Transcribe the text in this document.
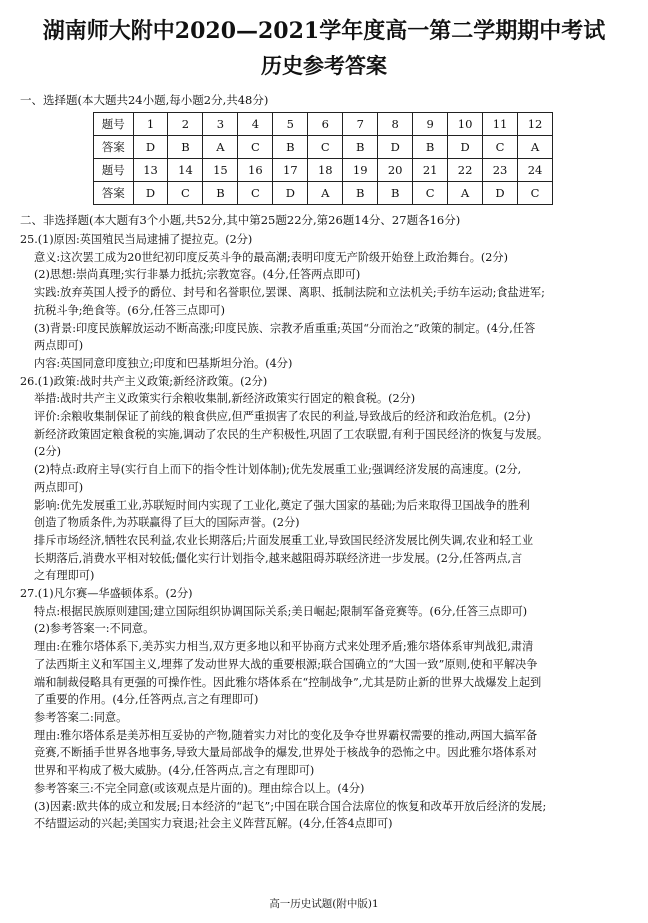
湖南师大附中2020—2021学年度高一第二学期期中考试
历史参考答案
一、选择题(本大题共24小题,每小题2分,共48分)
题号	1	2	3	4	5	6	7	8	9	10	11	12
答案	D	B	A	C	B	C	B	D	B	D	C	A
题号	13	14	15	16	17	18	19	20	21	22	23	24
答案	D	C	B	C	D	A	B	B	C	A	D	C
二、非选择题(本大题有3个小题,共52分,其中第25题22分,第26题14分、27题各16分)
25.(1)原因:英国殖民当局逮捕了提拉克。(2分)
意义:这次罢工成为20世纪初印度反英斗争的最高潮;表明印度无产阶级开始登上政治舞台。(2分)
(2)思想:崇尚真理;实行非暴力抵抗;宗教宽容。(4分,任答两点即可)
实践:放弃英国人授予的爵位、封号和名誉职位,罢课、离职、抵制法院和立法机关;手纺车运动;食盐进军;
抗税斗争;绝食等。(6分,任答三点即可)
(3)背景:印度民族解放运动不断高涨;印度民族、宗教矛盾重重;英国“分而治之”政策的制定。(4分,任答
两点即可)
内容:英国同意印度独立;印度和巴基斯坦分治。(4分)
26.(1)政策:战时共产主义政策;新经济政策。(2分)
举措:战时共产主义政策实行余粮收集制,新经济政策实行固定的粮食税。(2分)
评价:余粮收集制保证了前线的粮食供应,但严重损害了农民的利益,导致战后的经济和政治危机。(2分)
新经济政策固定粮食税的实施,调动了农民的生产积极性,巩固了工农联盟,有利于国民经济的恢复与发展。
(2分)
(2)特点:政府主导(实行自上而下的指令性计划体制);优先发展重工业;强调经济发展的高速度。(2分,
两点即可)
影响:优先发展重工业,苏联短时间内实现了工业化,奠定了强大国家的基础;为后来取得卫国战争的胜利
创造了物质条件,为苏联赢得了巨大的国际声誉。(2分)
排斥市场经济,牺牲农民利益,农业长期落后;片面发展重工业,导致国民经济发展比例失调,农业和轻工业
长期落后,消费水平相对较低;僵化实行计划指令,越来越阻碍苏联经济进一步发展。(2分,任答两点,言
之有理即可)
27.(1)凡尔赛—华盛顿体系。(2分)
特点:根据民族原则建国;建立国际组织协调国际关系;美日崛起;限制军备竞赛等。(6分,任答三点即可)
(2)参考答案一:不同意。
理由:在雅尔塔体系下,美苏实力相当,双方更多地以和平协商方式来处理矛盾;雅尔塔体系审判战犯,肃清
了法西斯主义和军国主义,埋葬了发动世界大战的重要根源;联合国确立的“大国一致”原则,使和平解决争
端和制裁侵略具有更强的可操作性。因此雅尔塔体系在“控制战争”,尤其是防止新的世界大战爆发上起到
了重要的作用。(4分,任答两点,言之有理即可)
参考答案二:同意。
理由:雅尔塔体系是美苏相互妥协的产物,随着实力对比的变化及争夺世界霸权需要的推动,两国大搞军备
竞赛,不断插手世界各地事务,导致大量局部战争的爆发,世界处于核战争的恐怖之中。因此雅尔塔体系对
世界和平构成了极大威胁。(4分,任答两点,言之有理即可)
参考答案三:不完全同意(或该观点是片面的)。理由综合以上。(4分)
(3)因素:欧共体的成立和发展;日本经济的“起飞”;中国在联合国合法席位的恢复和改革开放后经济的发展;
不结盟运动的兴起;美国实力衰退;社会主义阵营瓦解。(4分,任答4点即可)
高一历史试题(附中版)1
